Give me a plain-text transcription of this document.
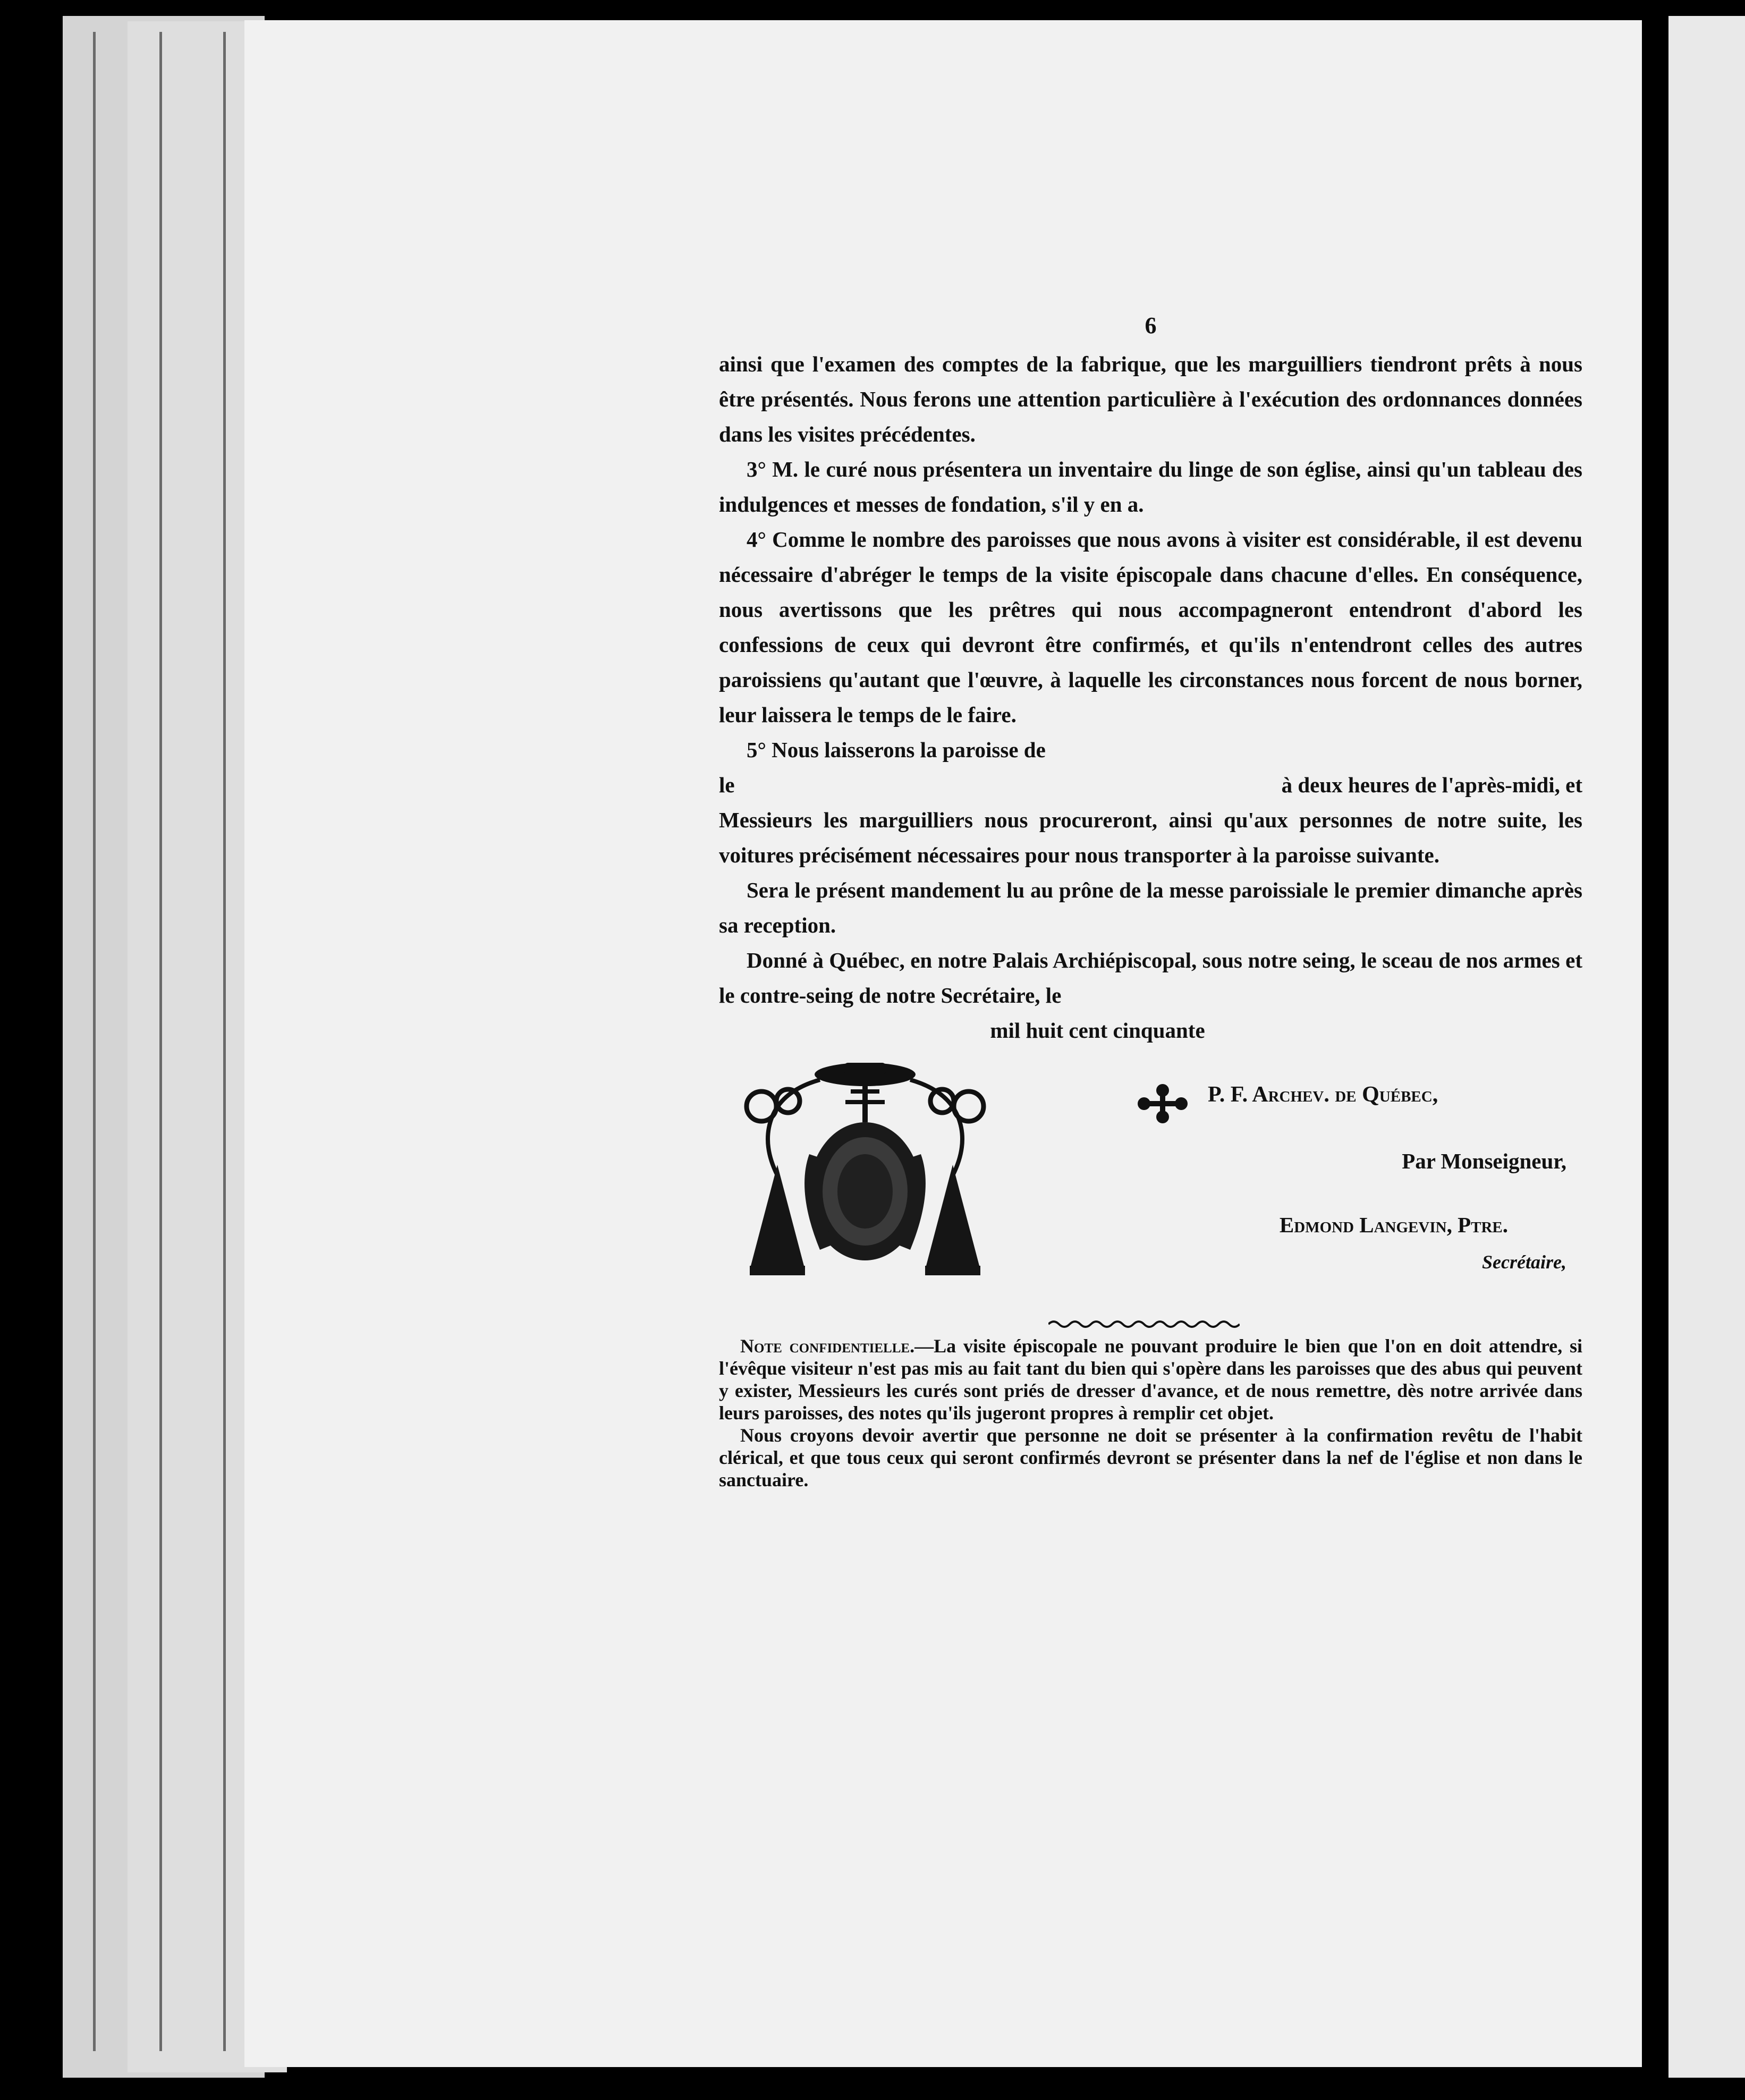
6

ainsi que l'examen des comptes de la fabrique, que les marguilliers tiendront prêts à nous être présentés. Nous ferons une attention particulière à l'exécution des ordonnances données dans les visites précédentes.

3° M. le curé nous présentera un inventaire du linge de son église, ainsi qu'un tableau des indulgences et messes de fondation, s'il y en a.

4° Comme le nombre des paroisses que nous avons à visiter est considérable, il est devenu nécessaire d'abréger le temps de la visite épiscopale dans chacune d'elles. En conséquence, nous avertissons que les prêtres qui nous accompagneront entendront d'abord les confessions de ceux qui devront être confirmés, et qu'ils n'entendront celles des autres paroissiens qu'autant que l'œuvre, à laquelle les circonstances nous forcent de nous borner, leur laissera le temps de le faire.

5° Nous laisserons la paroisse de

le	à deux heures de l'après-midi, et

Messieurs les marguilliers nous procureront, ainsi qu'aux personnes de notre suite, les voitures précisément nécessaires pour nous transporter à la paroisse suivante.

Sera le présent mandement lu au prône de la messe paroissiale le premier dimanche après sa reception.

Donné à Québec, en notre Palais Archiépiscopal, sous notre seing, le sceau de nos armes et le contre-seing de notre Secrétaire, le

mil huit cent cinquante
P. F. Archev. de Québec,
Par Monseigneur,
Edmond Langevin, Ptre.
Secrétaire,

Note confidentielle.—La visite épiscopale ne pouvant produire le bien que l'on en doit attendre, si l'évêque visiteur n'est pas mis au fait tant du bien qui s'opère dans les paroisses que des abus qui peuvent y exister, Messieurs les curés sont priés de dresser d'avance, et de nous remettre, dès notre arrivée dans leurs paroisses, des notes qu'ils jugeront propres à remplir cet objet.

Nous croyons devoir avertir que personne ne doit se présenter à la confirmation revêtu de l'habit clérical, et que tous ceux qui seront confirmés devront se présenter dans la nef de l'église et non dans le sanctuaire.
